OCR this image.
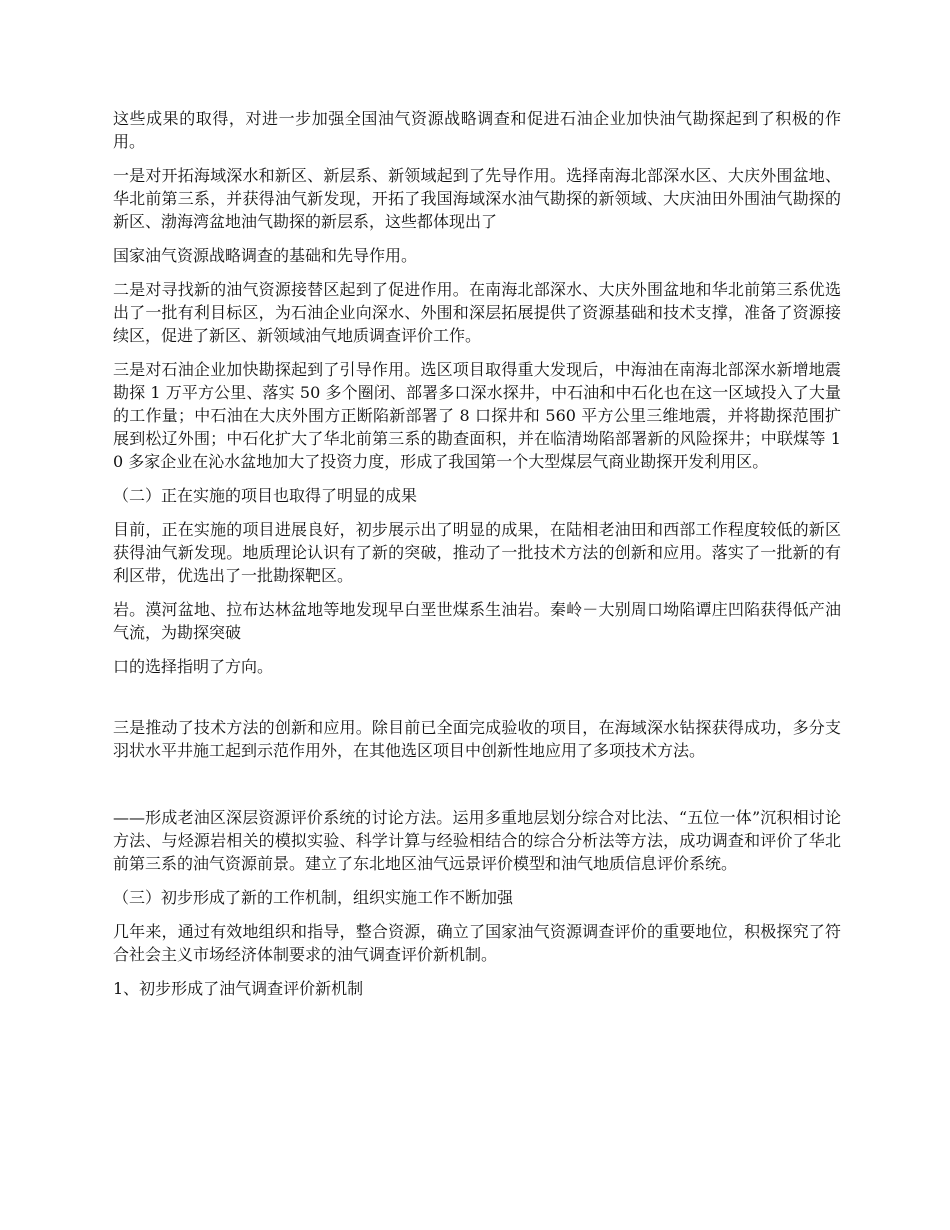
这些成果的取得，对进一步加强全国油气资源战略调查和促进石油企业加快油气勘探起到了积极的作用。

一是对开拓海域深水和新区、新层系、新领域起到了先导作用。选择南海北部深水区、大庆外围盆地、华北前第三系，并获得油气新发现，开拓了我国海域深水油气勘探的新领域、大庆油田外围油气勘探的新区、渤海湾盆地油气勘探的新层系，这些都体现出了

国家油气资源战略调查的基础和先导作用。

二是对寻找新的油气资源接替区起到了促进作用。在南海北部深水、大庆外围盆地和华北前第三系优选出了一批有利目标区，为石油企业向深水、外围和深层拓展提供了资源基础和技术支撑，准备了资源接续区，促进了新区、新领域油气地质调查评价工作。

三是对石油企业加快勘探起到了引导作用。选区项目取得重大发现后，中海油在南海北部深水新增地震勘探 1 万平方公里、落实 50 多个圈闭、部署多口深水探井，中石油和中石化也在这一区域投入了大量的工作量；中石油在大庆外围方正断陷新部署了 8 口探井和 560 平方公里三维地震，并将勘探范围扩展到松辽外围；中石化扩大了华北前第三系的勘查面积，并在临清坳陷部署新的风险探井；中联煤等 10 多家企业在沁水盆地加大了投资力度，形成了我国第一个大型煤层气商业勘探开发利用区。

（二）正在实施的项目也取得了明显的成果

目前，正在实施的项目进展良好，初步展示出了明显的成果，在陆相老油田和西部工作程度较低的新区获得油气新发现。地质理论认识有了新的突破，推动了一批技术方法的创新和应用。落实了一批新的有利区带，优选出了一批勘探靶区。

岩。漠河盆地、拉布达林盆地等地发现早白垩世煤系生油岩。秦岭－大别周口坳陷谭庄凹陷获得低产油气流，为勘探突破

口的选择指明了方向。

三是推动了技术方法的创新和应用。除目前已全面完成验收的项目，在海域深水钻探获得成功，多分支羽状水平井施工起到示范作用外，在其他选区项目中创新性地应用了多项技术方法。

——形成老油区深层资源评价系统的讨论方法。运用多重地层划分综合对比法、“五位一体”沉积相讨论方法、与烃源岩相关的模拟实验、科学计算与经验相结合的综合分析法等方法，成功调查和评价了华北前第三系的油气资源前景。建立了东北地区油气远景评价模型和油气地质信息评价系统。

（三）初步形成了新的工作机制，组织实施工作不断加强

几年来，通过有效地组织和指导，整合资源，确立了国家油气资源调查评价的重要地位，积极探究了符合社会主义市场经济体制要求的油气调查评价新机制。

1、初步形成了油气调查评价新机制
